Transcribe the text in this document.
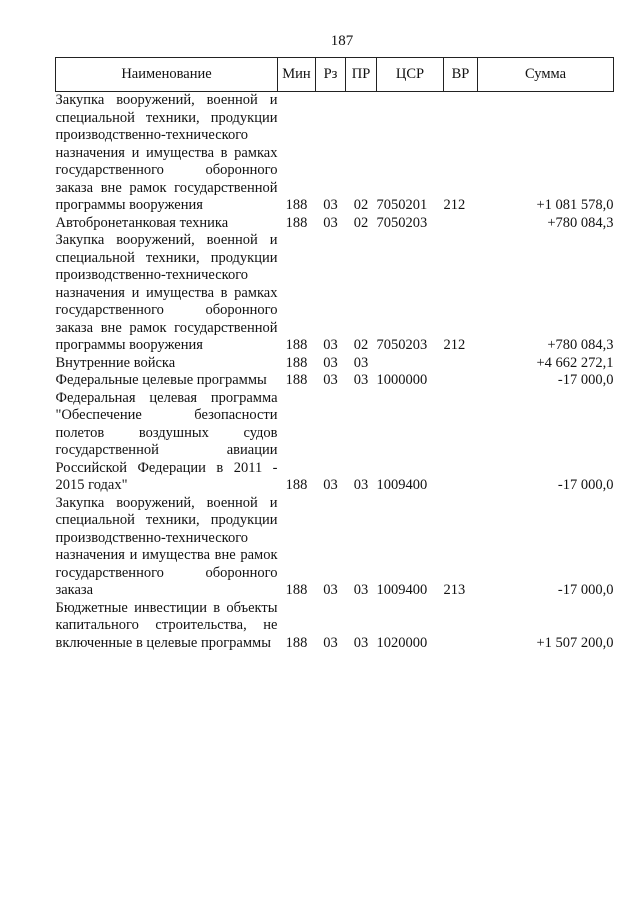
187
Наименование	Мин	Рз	ПР	ЦСР	ВР	Сумма
Закупка вооружений, военной и специальной техники, продукции производственно-технического назначения и имущества в рамках государственного оборонного заказа вне рамок государственной программы вооружения	188	03	02	7050201	212	+1 081 578,0
Автобронетанковая техника	188	03	02	7050203		+780 084,3
Закупка вооружений, военной и специальной техники, продукции производственно-технического назначения и имущества в рамках государственного оборонного заказа вне рамок государственной программы вооружения	188	03	02	7050203	212	+780 084,3
Внутренние войска	188	03	03			+4 662 272,1
Федеральные целевые программы	188	03	03	1000000		-17 000,0
Федеральная целевая программа "Обеспечение безопасности полетов воздушных судов государственной авиации Российской Федерации в 2011 - 2015 годах"	188	03	03	1009400		-17 000,0
Закупка вооружений, военной и специальной техники, продукции производственно-технического назначения и имущества вне рамок государственного оборонного заказа	188	03	03	1009400	213	-17 000,0
Бюджетные инвестиции в объекты капитального строительства, не включенные в целевые программы	188	03	03	1020000		+1 507 200,0
